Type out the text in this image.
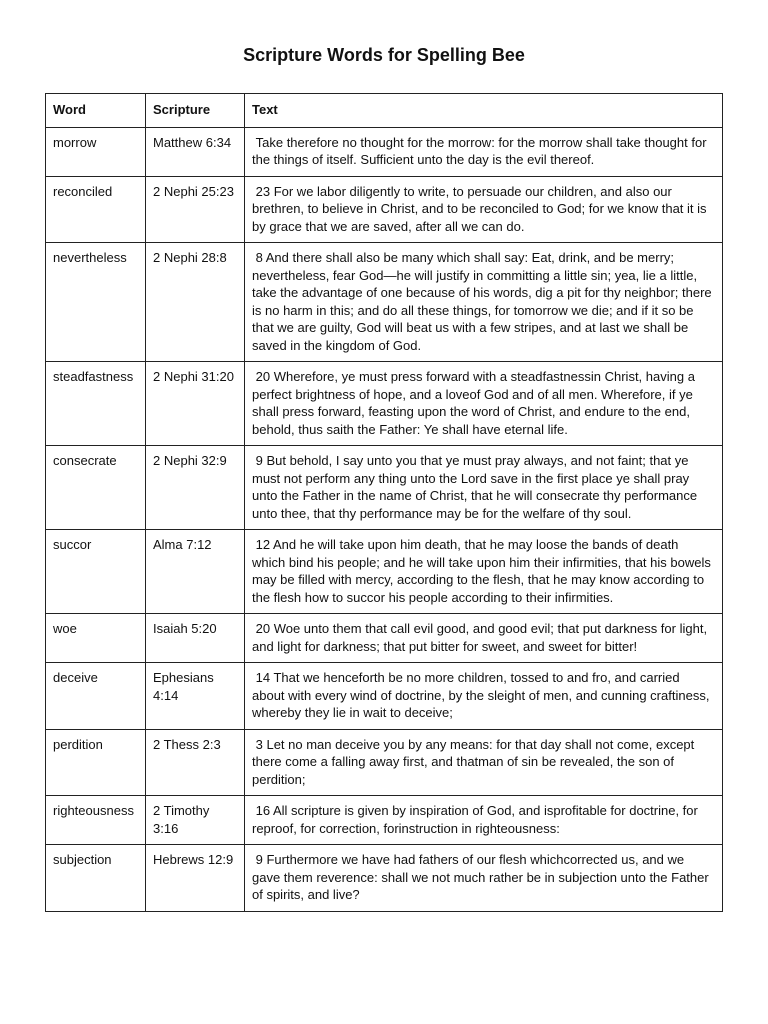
Scripture Words for Spelling Bee
Word	Scripture	Text
morrow	Matthew 6:34	Take therefore no thought for the morrow: for the morrow shall take thought for the things of itself. Sufficient unto the day is the evil thereof.
reconciled	2 Nephi 25:23	23 For we labor diligently to write, to persuade our children, and also our brethren, to believe in Christ, and to be reconciled to God; for we know that it is by grace that we are saved, after all we can do.
nevertheless	2 Nephi 28:8	8 And there shall also be many which shall say: Eat, drink, and be merry; nevertheless, fear God—he will justify in committing a little sin; yea, lie a little, take the advantage of one because of his words, dig a pit for thy neighbor; there is no harm in this; and do all these things, for tomorrow we die; and if it so be that we are guilty, God will beat us with a few stripes, and at last we shall be saved in the kingdom of God.
steadfastness	2 Nephi 31:20	20 Wherefore, ye must press forward with a steadfastnessin Christ, having a perfect brightness of hope, and a loveof God and of all men. Wherefore, if ye shall press forward, feasting upon the word of Christ, and endure to the end, behold, thus saith the Father: Ye shall have eternal life.
consecrate	2 Nephi 32:9	9 But behold, I say unto you that ye must pray always, and not faint; that ye must not perform any thing unto the Lord save in the first place ye shall pray unto the Father in the name of Christ, that he will consecrate thy performance unto thee, that thy performance may be for the welfare of thy soul.
succor	Alma 7:12	12 And he will take upon him death, that he may loose the bands of death which bind his people; and he will take upon him their infirmities, that his bowels may be filled with mercy, according to the flesh, that he may know according to the flesh how to succor his people according to their infirmities.
woe	Isaiah 5:20	20 Woe unto them that call evil good, and good evil; that put darkness for light, and light for darkness; that put bitter for sweet, and sweet for bitter!
deceive	Ephesians 4:14	14 That we henceforth be no more children, tossed to and fro, and carried about with every wind of doctrine, by the sleight of men, and cunning craftiness, whereby they lie in wait to deceive;
perdition	2 Thess 2:3	3 Let no man deceive you by any means: for that day shall not come, except there come a falling away first, and thatman of sin be revealed, the son of perdition;
righteousness	2 Timothy 3:16	16 All scripture is given by inspiration of God, and isprofitable for doctrine, for reproof, for correction, forinstruction in righteousness:
subjection	Hebrews 12:9	9 Furthermore we have had fathers of our flesh whichcorrected us, and we gave them reverence: shall we not much rather be in subjection unto the Father of spirits, and live?
